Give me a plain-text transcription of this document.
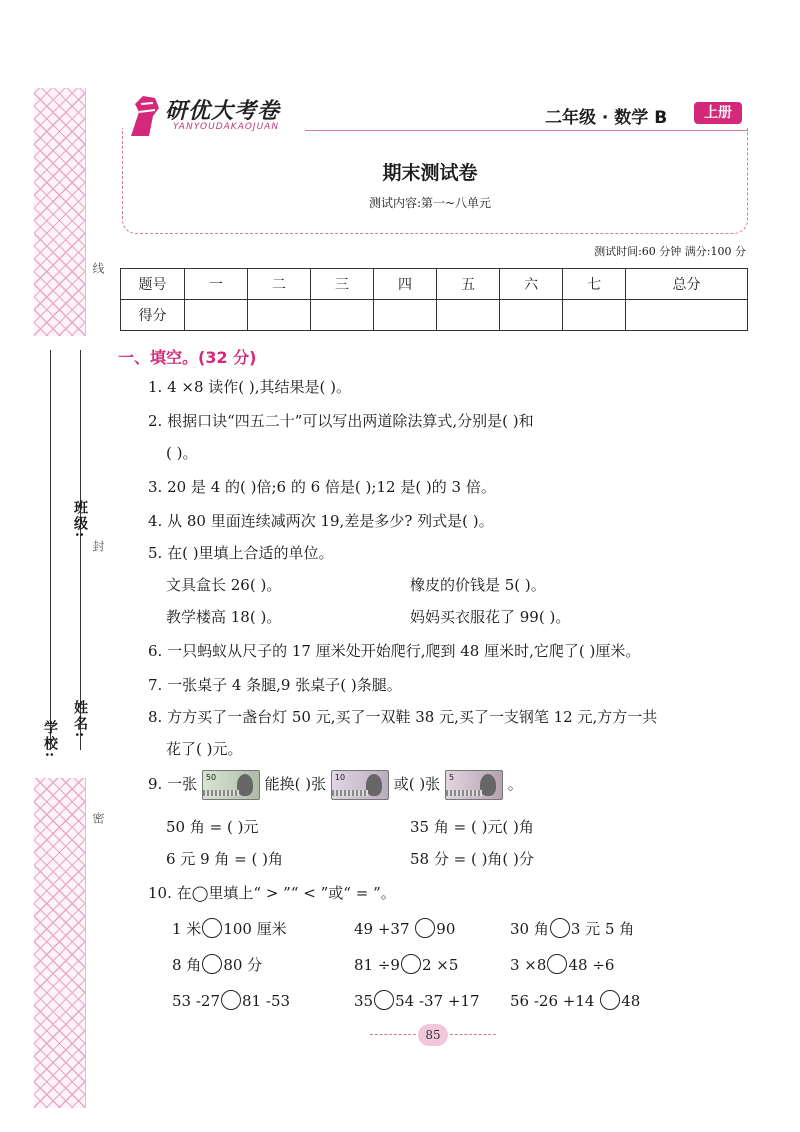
学校:
姓名:
班级:
线
封
密
研优大考卷
YANYOUDAKAOJUAN	二年级 · 数学 B	上册
期末测试卷
测试内容:第一~八单元
测试时间:60 分钟 满分:100 分
题号	一	二	三	四	五	六	七	总分
得分								
一、填空。(32 分)
1. 4 ×8 读作( ),其结果是( )。
2. 根据口诀“四五二十”可以写出两道除法算式,分别是( )和
( )。
3. 20 是 4 的( )倍;6 的 6 倍是( );12 是( )的 3 倍。
4. 从 80 里面连续减两次 19,差是多少? 列式是( )。
5. 在( )里填上合适的单位。
文具盒长 26( )。	橡皮的价钱是 5( )。
教学楼高 18( )。	妈妈买衣服花了 99( )。
6. 一只蚂蚁从尺子的 17 厘米处开始爬行,爬到 48 厘米时,它爬了( )厘米。
7. 一张桌子 4 条腿,9 张桌子( )条腿。
8. 方方买了一盏台灯 50 元,买了一双鞋 38 元,买了一支钢笔 12 元,方方一共
花了( )元。
9. 一张 50	能换( )张 10	或( )张 5	。
50 角 = ( )元	35 角 = ( )元( )角
6 元 9 角 = ( )角	58 分 = ( )角( )分
10. 在◯里填上“ > ”“ < ”或“ = ”。
1 米 100 厘米	49 +37 90	30 角 3 元 5 角
8 角 80 分	81 ÷9 2 ×5	3 ×8 48 ÷6
53 -27 81 -53	35 54 -37 +17 56 -26 +14 48
85
